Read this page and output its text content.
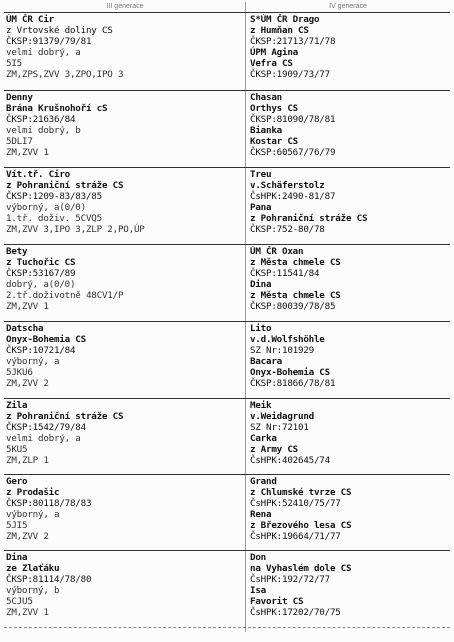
III generace	IV generace
ÚM ČR Cir
z Vrtovské doliny CS
ČKSP:91379/79/81
velmi dobrý, a
5I5
ZM,ZPS,ZVV 3,ZPO,IPO 3
S*ÚM ČR Drago
z Humňan CS
ČKSP:21713/71/78
ÚPM Agina
Vefra CS
ČKSP:1909/73/77
Denny
Brána Krušnohoří cS
ČKSP:21636/84
velmi dobrý, b
5DLI7
ZM,ZVV 1
Chasan
Orthys CS
ČKSP:81090/78/81
Bianka
Kostar CS
ČKSP:60567/76/79
Vít.tř. Ciro
z Pohraniční stráže CS
ČKSP:1209-83/83/85
výborný, a(0/0)
1.tř. doživ. 5CVQ5
ZM,ZVV 3,IPO 3,ZLP 2,PO,ÚP
Treu
v.Schäferstolz
ČsHPK:2490-81/87
Pana
z Pohraniční stráže CS
ČKSP:752-80/78
Bety
z Tuchořic CS
ČKSP:53167/89
dobrý, a(0/0)
2.tř.doživotně 48CV1/P
ZM,ZVV 1
ÚM ČR Oxan
z Města chmele CS
ČKSP:11541/84
Dina
z Města chmele CS
ČKSP:80039/78/85
Datscha
Onyx-Bohemia CS
ČKSP:10721/84
výborný, a
5JKU6
ZM,ZVV 2
Lito
v.d.Wolfshöhle
SZ Nr:101929
Bacara
Onyx-Bohemia CS
ČKSP:81866/78/81
Zila
z Pohraniční stráže CS
ČKSP:1542/79/84
velmi dobrý, a
5KU5
ZM,ZLP 1
Meik
v.Weidagrund
SZ Nr:72101
Carka
z Army CS
ČsHPK:402645/74
Gero
z Prodašic
ČKSP:80118/78/83
výborný, a
5JI5
ZM,ZVV 2
Grand
z Chlumské tvrze CS
ČsHPK:52410/75/77
Rena
z Březového lesa CS
ČsHPK:19664/71/77
Dina
ze Zlaťáku
ČKSP:81114/78/80
výborný, b
5CJU5
ZM,ZVV 1
Don
na Vyhaslém dole CS
ČsHPK:192/72/77
Isa
Favorit CS
ČsHPK:17202/70/75
